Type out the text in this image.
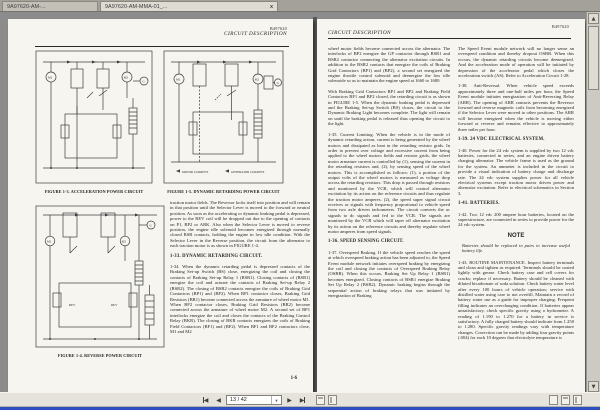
9A97620-AM-...	9A97620-AM-MMA-01_...	x
B497620
CIRCUIT DESCRIPTION
M1	M2
G
FIGURE 1-3. ACCELERATION POWER CIRCUIT
M1	M2
G
MOTOR CURRENT	GENERATOR CURRENT
FIGURE 1-5. DYNAMIC RETARDING POWER CIRCUIT
M1	M2
G
REV	REV
FIGURE 1-4. REVERSE POWER CIRCUIT

traction motor fields. The Reversor locks itself into position and will remain in that position until the Selector Lever is moved to the forward or neutral position. As soon as the accelerating or dynamic braking pedal is depressed, power to the REV coil will be dropped out due to the opening of contacts on P1, BP2 or ARK. Also when the Selector Lever is moved to reverse position, the engine idle solenoid becomes energized through normally closed BSR contacts, holding the engine in low idle condition. With the Selector Lever in the Reverse position, the circuit from the alternator to each traction motor is as shown in FIGURE 1-4.

1-33. DYNAMIC RETARDING CIRCUIT.

1-34. When the dynamic retarding pedal is depressed contacts of the Braking Set-up Switch (BS) close, energizing the coil and closing the contacts of Braking Set-up Relay 1 (BSR1). Closing contacts of (BSR1) energize the coil and actuate the contacts of Braking Set-up Relay 2 (BSR2). The closing of BSR2 contacts energize the coils of Braking Grid Contactors (BP1) and (BP2). When BP1 contactor closes, Braking Grid Resistors (BR1) become connected across the armature of wheel motor M1. When BP2 contactor closes, Braking Grid Resistors (BR2) become connected across the armature of wheel motor M2. A second set of BP1 interlocks energize the coil and closes the contacts of the Braking Control Relay (BKR). The closing of BKR contacts energizes the coils of Braking Field Contactors (BF1) and (BF2). When BF1 and BF2 contactors close, M1 and M2

1-6
B497620
CIRCUIT DESCRIPTION

wheel motor fields become connected across the alternator. The interlocks of BP2 energize the GP contactor through BSR1 and BSR2 contactor connecting the alternator excitation circuits. In addition to the BSR2 contacts that energize the coils of Braking Grid Contactors (BP1) and (BP2), a second set energized the engine throttle control solenoid and deenergize the low idle solenoide so as to maintain the engine speed at 1660 to 1680.

With Braking Grid Contactors BP1 and BP2 and Braking Field Contactors BF1 and BF2 closed, the retarding circuit is as shown in FIGURE 1-5. When the dynamic braking pedal is depressed and the Braking Set-up Switch (BS) closes, the circuit to the Dynamic Braking Light becomes complete. The light will remain on until the braking pedal is released thus opening the circuit to the light.

1-35. Current Limiting. When the vehicle is in the mode of dynamic retarding action, current is being generated by the wheel motors and dissipated as heat in the retarding resistor grids. In order to prevent over voltage and excessive current from being applied to the wheel motors fields and resistor grids, the wheel motor armature current is controlled by (1), sensing the current in the retarding resistors and, (2), by sensing speed of the wheel motors. This is accomplished as follows: (1), a portion of the output volts of the wheel motors is measured as voltage drop across the retarding resistors. This drop is passed through resistors and monitored by the VCR, which will control alternator excitation by its action on the reference circuits and thus regulate the traction motor amperes. (2), the speed super signal circuit receives ac signals with frequency proportional to vehicle speed from two axle driven tachometers. The circuit converts the ac signals to dc signals and fed to the VCR. The signals are monitored by the VCR which will taper off alternator excitation by its action on the reference circuits and thereby regulate wheel motor amperes from speed signals.

1-36. SPEED SENSING CIRCUIT.

1-37. Overspeed Braking. If the vehicle speed reaches the speed at which overspeed braking action has been adjusted to, the Speed Event module network initiates overspeed braking by energizing the coil and closing the contacts of Overspeed Braking Relay (OSBR). When this occurs, Braking Set Up Relay 1 (BSR1) becomes energized. Closing contacts of BSR1 energize Braking Set Up Relay 2 (BSR2). Dynamic braking begins through the sequential action of braking relays that was initiated by energization of Braking

The Speed Event module network will no longer sense an overspeed condition and thereby dropout OSBR. When this occurs, the dynamic retarding circuits become deenergized. And the acceleration mode of operation will be initiated by depression of the accelerator pedal which closes the acceleration switch (AS). Refer to Acceleration Circuit 1-28.

1-38. Anti-Reversal. When vehicle speed exceeds approximately three and one-half miles per hour, the Speed Event module initiates energization of Anti-Reversing Relay (ARR). The opening of ARR contacts prevents the Reversor forward and reverse magnetic coils from becoming energized if the Selector Lever were moved to other positions. The ARR will become energized when the vehicle is moving either forward or reverse and remains effective to approximately three miles per hour.

1-39. 24 VDC ELECTRICAL SYSTEM.

1-40. Power for the 24 vdc system is supplied by two 12 vdc batteries, connected in series, and an engine driven battery charging alternator. The vehicle frame is used as the ground for the system. An ammeter is included in the circuit to provide a visual indication of battery charge and discharge rate. The 24 vdc system supplies power for all vehicle electrical systems except traction motor driven power and alternator excitation. Refer to electrical schematics in Section 3.

1-41. BATTERIES.

1-42. Two 12 vdc 200 ampere hour batteries, located on the superstructure, are connected in series to provide power for the 24 vdc system.

NOTE
Batteries should be replaced in pairs to increase useful battery life.

1-43. ROUTINE MAINTENANCE. Inspect battery terminals and clean and tighten as required. Terminals should be coated lightly with grease. Check battery case and cell covers for cracks; replace if necessary. Battery should be cleaned with diluted bicarbonate of soda solution. Check battery water level after every 100 hours of vehicle operation; service with distilled water using care to not overfill. Maintain a record of battery water use as a guide for improper charging. Frequent filling indicates an overcharging condition. If batteries appear unsatisfactory, check specific gravity using a hydrometer. A reading of 1.190 to 1.270 for a battery in service is satisfactory. A fully charged battery should indicate from 1.250 to 1.280. Specific gravity readings vary with temperature changes. Correction can be made by adding four gravity points (.004) for each 10 degrees that electrolyte temperature is

▲
▼
◀ ◀
13 / 42	▼	▶ ▶
